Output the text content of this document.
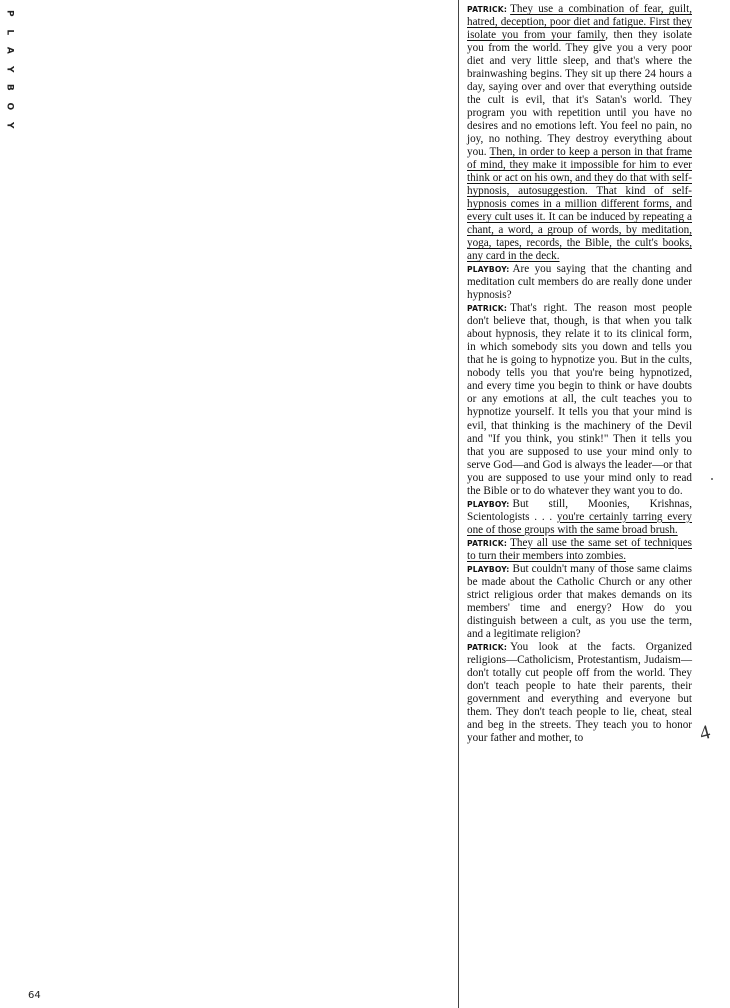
P
L
A
Y
B
O
Y
64

PATRICK: They use a combination of fear, guilt, hatred, deception, poor diet and fatigue. First they isolate you from your family, then they isolate you from the world. They give you a very poor diet and very little sleep, and that's where the brainwashing begins. They sit up there 24 hours a day, saying over and over that everything outside the cult is evil, that it's Satan's world. They program you with repetition until you have no desires and no emotions left. You feel no pain, no joy, no nothing. They destroy everything about you. Then, in order to keep a person in that frame of mind, they make it impossible for him to ever think or act on his own, and they do that with self-hypnosis, autosuggestion. That kind of self-hypnosis comes in a million different forms, and every cult uses it. It can be induced by repeating a chant, a word, a group of words, by meditation, yoga, tapes, records, the Bible, the cult's books, any card in the deck.

PLAYBOY: Are you saying that the chanting and meditation cult members do are really done under hypnosis?

PATRICK: That's right. The reason most people don't believe that, though, is that when you talk about hypnosis, they relate it to its clinical form, in which somebody sits you down and tells you that he is going to hypnotize you. But in the cults, nobody tells you that you're being hypnotized, and every time you begin to think or have doubts or any emotions at all, the cult teaches you to hypnotize yourself. It tells you that your mind is evil, that thinking is the machinery of the Devil and "If you think, you stink!" Then it tells you that you are supposed to use your mind only to serve God—and God is always the leader—or that you are supposed to use your mind only to read the Bible or to do whatever they want you to do.

PLAYBOY: But still, Moonies, Krishnas, Scientologists . . . you're certainly tarring every one of those groups with the same broad brush.

PATRICK: They all use the same set of techniques to turn their members into zombies.

PLAYBOY: But couldn't many of those same claims be made about the Catholic Church or any other strict religious order that makes demands on its members' time and energy? How do you distinguish between a cult, as you use the term, and a legitimate religion?

PATRICK: You look at the facts. Organized religions—Catholicism, Protestantism, Judaism—don't totally cut people off from the world. They don't teach people to hate their parents, their government and everything and everyone but them. They don't teach people to lie, cheat, steal and beg in the streets. They teach you to honor your father and mother, to	4
